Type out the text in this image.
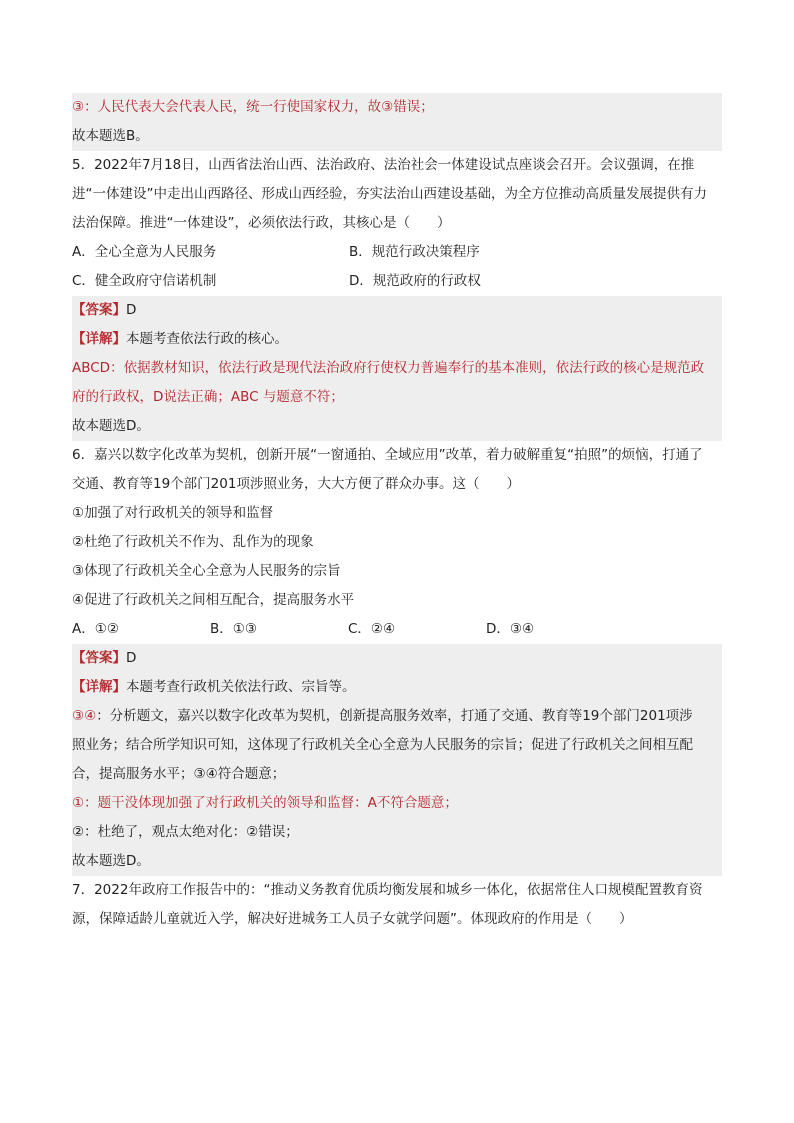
③：人民代表大会代表人民，统一行使国家权力，故③错误；

故本题选B。

5．2022年7月18日，山西省法治山西、法治政府、法治社会一体建设试点座谈会召开。会议强调，在推

进“一体建设”中走出山西路径、形成山西经验，夯实法治山西建设基础，为全方位推动高质量发展提供有力

法治保障。推进“一体建设”，必须依法行政，其核心是（　　）

A．全心全意为人民服务	B．规范行政决策程序
C．健全政府守信诺机制	D．规范政府的行政权

【答案】D

【详解】本题考查依法行政的核心。

ABCD：依据教材知识，依法行政是现代法治政府行使权力普遍奉行的基本准则，依法行政的核心是规范政

府的行政权，D说法正确；ABC 与题意不符；

故本题选D。

6．嘉兴以数字化改革为契机，创新开展“一窗通拍、全域应用”改革，着力破解重复“拍照”的烦恼，打通了

交通、教育等19个部门201项涉照业务，大大方便了群众办事。这（　　）

①加强了对行政机关的领导和监督

②杜绝了行政机关不作为、乱作为的现象

③体现了行政机关全心全意为人民服务的宗旨

④促进了行政机关之间相互配合，提高服务水平

A．①②	B．①③	C．②④	D．③④

【答案】D

【详解】本题考查行政机关依法行政、宗旨等。

③④：分析题文，嘉兴以数字化改革为契机，创新提高服务效率，打通了交通、教育等19个部门201项涉

照业务；结合所学知识可知，这体现了行政机关全心全意为人民服务的宗旨；促进了行政机关之间相互配

合，提高服务水平；③④符合题意；

①：题干没体现加强了对行政机关的领导和监督：A不符合题意；

②：杜绝了，观点太绝对化：②错误；

故本题选D。

7．2022年政府工作报告中的：“推动义务教育优质均衡发展和城乡一体化，依据常住人口规模配置教育资

源，保障适龄儿童就近入学，解决好进城务工人员子女就学问题”。体现政府的作用是（　　）
